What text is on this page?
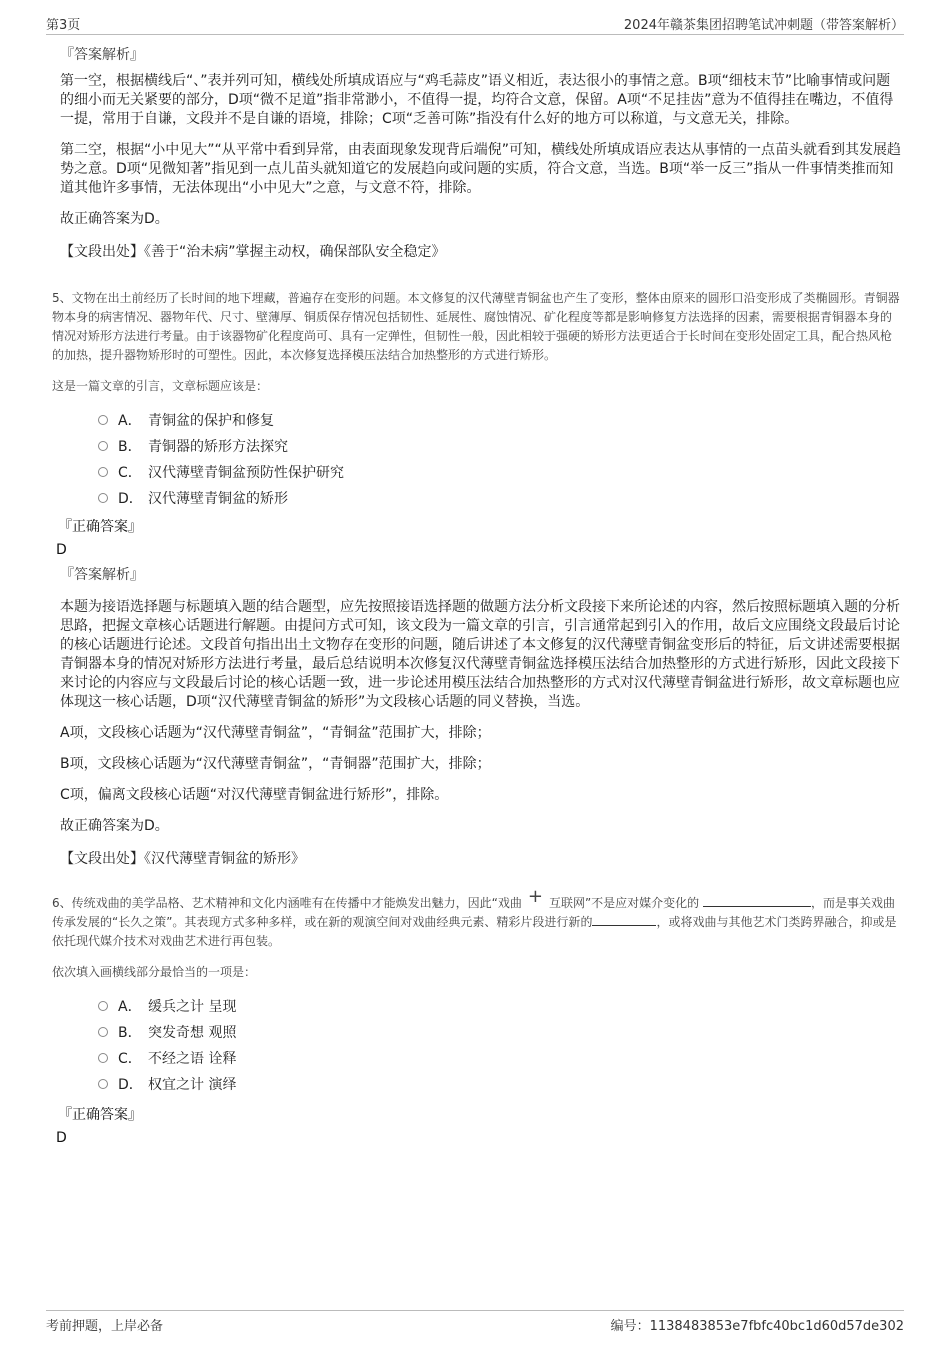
第3页	2024年赣茶集团招聘笔试冲刺题（带答案解析）
『答案解析』

第一空，根据横线后“、”表并列可知，横线处所填成语应与“鸡毛蒜皮”语义相近，表达很小的事情之意。B项“细枝末节”比喻事情或问题的细小而无关紧要的部分，D项“微不足道”指非常渺小，不值得一提，均符合文意，保留。A项“不足挂齿”意为不值得挂在嘴边，不值得一提，常用于自谦，文段并不是自谦的语境，排除；C项“乏善可陈”指没有什么好的地方可以称道，与文意无关，排除。

第二空，根据“小中见大”“从平常中看到异常，由表面现象发现背后端倪”可知，横线处所填成语应表达从事情的一点苗头就看到其发展趋势之意。D项“见微知著”指见到一点儿苗头就知道它的发展趋向或问题的实质，符合文意，当选。B项“举一反三”指从一件事情类推而知道其他许多事情，无法体现出“小中见大”之意，与文意不符，排除。

故正确答案为D。

【文段出处】《善于“治未病”掌握主动权，确保部队安全稳定》

5、文物在出土前经历了长时间的地下埋藏，普遍存在变形的问题。本文修复的汉代薄壁青铜盆也产生了变形，整体由原来的圆形口沿变形成了类椭圆形。青铜器物本身的病害情况、器物年代、尺寸、壁薄厚、铜质保存情况包括韧性、延展性、腐蚀情况、矿化程度等都是影响修复方法选择的因素，需要根据青铜器本身的情况对矫形方法进行考量。由于该器物矿化程度尚可、具有一定弹性，但韧性一般，因此相较于强硬的矫形方法更适合于长时间在变形处固定工具，配合热风枪的加热，提升器物矫形时的可塑性。因此，本次修复选择模压法结合加热整形的方式进行矫形。

这是一篇文章的引言，文章标题应该是：

A． 青铜盆的保护和修复
B． 青铜器的矫形方法探究
C． 汉代薄壁青铜盆预防性保护研究
D． 汉代薄壁青铜盆的矫形
『正确答案』
D
『答案解析』

本题为接语选择题与标题填入题的结合题型，应先按照接语选择题的做题方法分析文段接下来所论述的内容，然后按照标题填入题的分析思路，把握文章核心话题进行解题。由提问方式可知，该文段为一篇文章的引言，引言通常起到引入的作用，故后文应围绕文段最后讨论的核心话题进行论述。文段首句指出出土文物存在变形的问题，随后讲述了本文修复的汉代薄壁青铜盆变形后的特征，后文讲述需要根据青铜器本身的情况对矫形方法进行考量，最后总结说明本次修复汉代薄壁青铜盆选择模压法结合加热整形的方式进行矫形，因此文段接下来讨论的内容应与文段最后讨论的核心话题一致，进一步论述用模压法结合加热整形的方式对汉代薄壁青铜盆进行矫形，故文章标题也应体现这一核心话题，D项“汉代薄壁青铜盆的矫形”为文段核心话题的同义替换，当选。

A项，文段核心话题为“汉代薄壁青铜盆”，“青铜盆”范围扩大，排除；

B项，文段核心话题为“汉代薄壁青铜盆”，“青铜器”范围扩大，排除；

C项，偏离文段核心话题“对汉代薄壁青铜盆进行矫形”，排除。

故正确答案为D。

【文段出处】《汉代薄壁青铜盆的矫形》

6、传统戏曲的美学品格、艺术精神和文化内涵唯有在传播中才能焕发出魅力，因此“戏曲 + 互联网”不是应对媒介变化的	，而是事关戏曲传承发展的“长久之策”。其表现方式多种多样，或在新的观演空间对戏曲经典元素、精彩片段进行新的	，或将戏曲与其他艺术门类跨界融合，抑或是依托现代媒介技术对戏曲艺术进行再包装。

依次填入画横线部分最恰当的一项是：

A． 缓兵之计 呈现
B． 突发奇想 观照
C． 不经之语 诠释
D． 权宜之计 演绎
『正确答案』
D
考前押题，上岸必备	编号：1138483853e7fbfc40bc1d60d57de302
